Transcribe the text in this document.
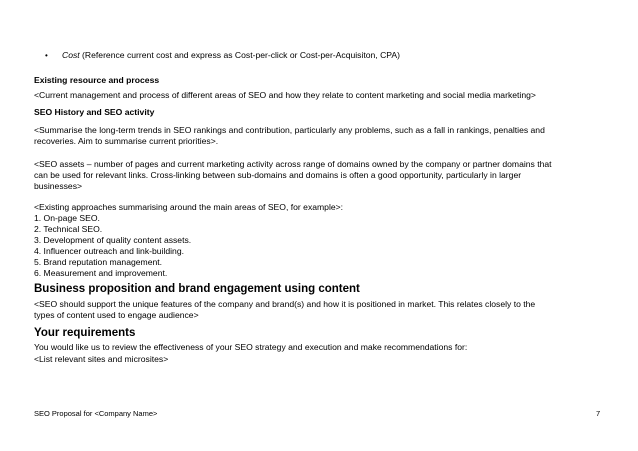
• Cost (Reference current cost and express as Cost-per-click or Cost-per-Acquisiton, CPA)
Existing resource and process
<Current management and process of different areas of SEO and how they relate to content marketing and social media marketing>
SEO History and SEO activity
<Summarise the long-term trends in SEO rankings and contribution, particularly any problems, such as a fall in rankings, penalties and
recoveries. Aim to summarise current priorities>.
<SEO assets – number of pages and current marketing activity across range of domains owned by the company or partner domains that
can be used for relevant links. Cross-linking between sub-domains and domains is often a good opportunity, particularly in larger
businesses>
<Existing approaches summarising around the main areas of SEO, for example>:
1. On-page SEO.
2. Technical SEO.
3. Development of quality content assets.
4. Influencer outreach and link-building.
5. Brand reputation management.
6. Measurement and improvement.
Business proposition and brand engagement using content
<SEO should support the unique features of the company and brand(s) and how it is positioned in market. This relates closely to the
types of content used to engage audience>
Your requirements
You would like us to review the effectiveness of your SEO strategy and execution and make recommendations for:
<List relevant sites and microsites>
SEO Proposal for <Company Name>	7
